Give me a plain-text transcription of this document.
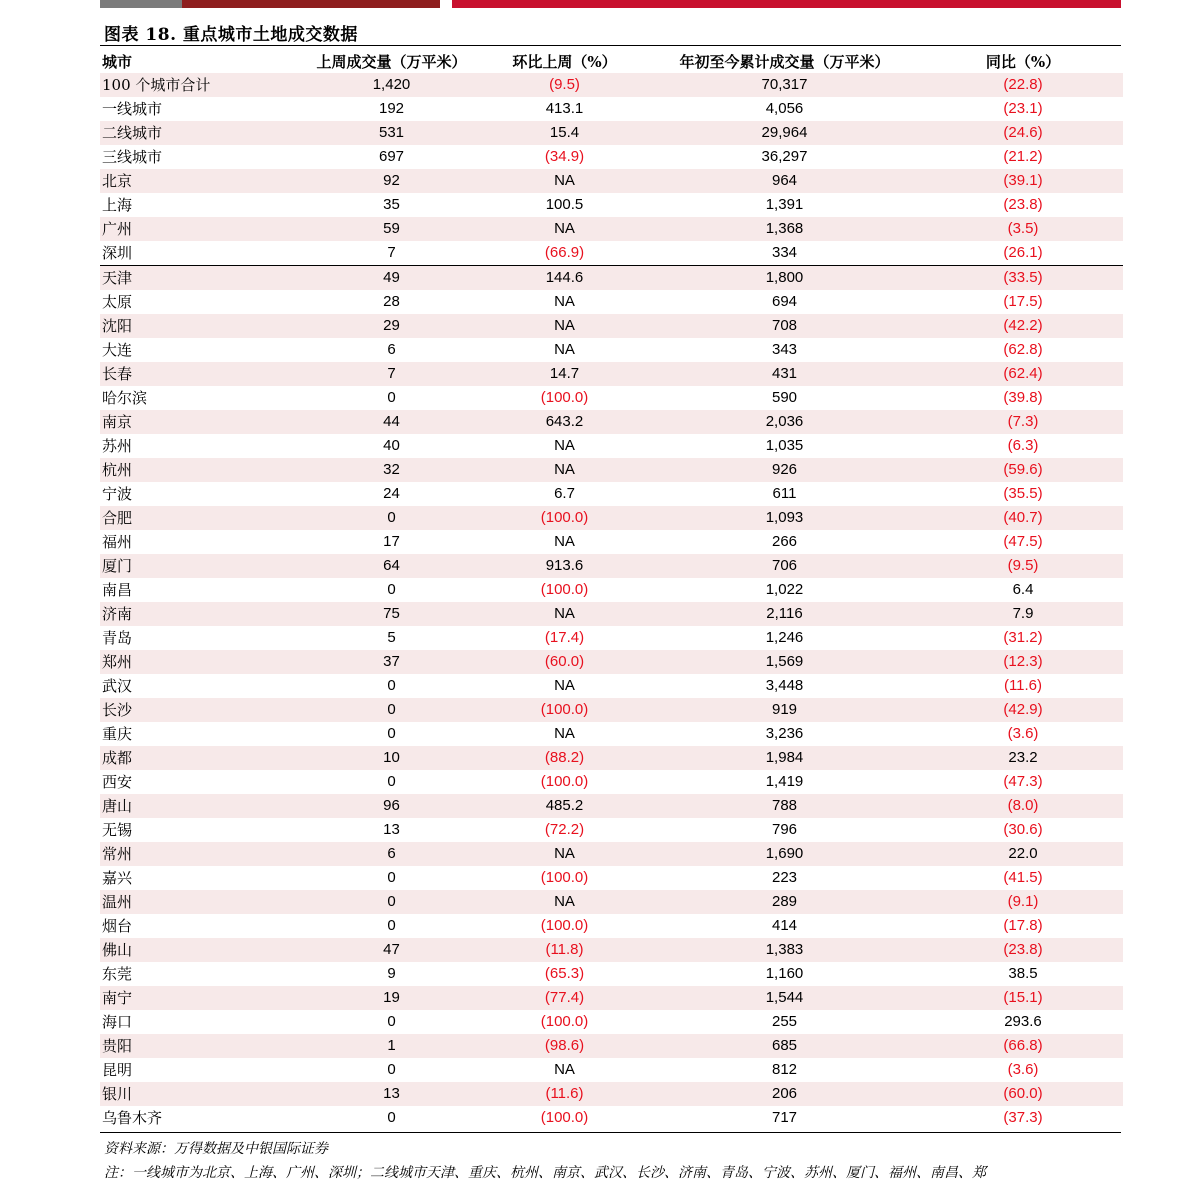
图表 18. 重点城市土地成交数据
城市	上周成交量（万平米）	环比上周（%）	年初至今累计成交量（万平米）	同比（%）
100 个城市合计	1,420	(9.5)	70,317	(22.8)
一线城市	192	413.1	4,056	(23.1)
二线城市	531	15.4	29,964	(24.6)
三线城市	697	(34.9)	36,297	(21.2)
北京	92	NA	964	(39.1)
上海	35	100.5	1,391	(23.8)
广州	59	NA	1,368	(3.5)
深圳	7	(66.9)	334	(26.1)
天津	49	144.6	1,800	(33.5)
太原	28	NA	694	(17.5)
沈阳	29	NA	708	(42.2)
大连	6	NA	343	(62.8)
长春	7	14.7	431	(62.4)
哈尔滨	0	(100.0)	590	(39.8)
南京	44	643.2	2,036	(7.3)
苏州	40	NA	1,035	(6.3)
杭州	32	NA	926	(59.6)
宁波	24	6.7	611	(35.5)
合肥	0	(100.0)	1,093	(40.7)
福州	17	NA	266	(47.5)
厦门	64	913.6	706	(9.5)
南昌	0	(100.0)	1,022	6.4
济南	75	NA	2,116	7.9
青岛	5	(17.4)	1,246	(31.2)
郑州	37	(60.0)	1,569	(12.3)
武汉	0	NA	3,448	(11.6)
长沙	0	(100.0)	919	(42.9)
重庆	0	NA	3,236	(3.6)
成都	10	(88.2)	1,984	23.2
西安	0	(100.0)	1,419	(47.3)
唐山	96	485.2	788	(8.0)
无锡	13	(72.2)	796	(30.6)
常州	6	NA	1,690	22.0
嘉兴	0	(100.0)	223	(41.5)
温州	0	NA	289	(9.1)
烟台	0	(100.0)	414	(17.8)
佛山	47	(11.8)	1,383	(23.8)
东莞	9	(65.3)	1,160	38.5
南宁	19	(77.4)	1,544	(15.1)
海口	0	(100.0)	255	293.6
贵阳	1	(98.6)	685	(66.8)
昆明	0	NA	812	(3.6)
银川	13	(11.6)	206	(60.0)
乌鲁木齐	0	(100.0)	717	(37.3)
资料来源：万得数据及中银国际证券
注：一线城市为北京、上海、广州、深圳；二线城市天津、重庆、杭州、南京、武汉、长沙、济南、青岛、宁波、苏州、厦门、福州、南昌、郑
